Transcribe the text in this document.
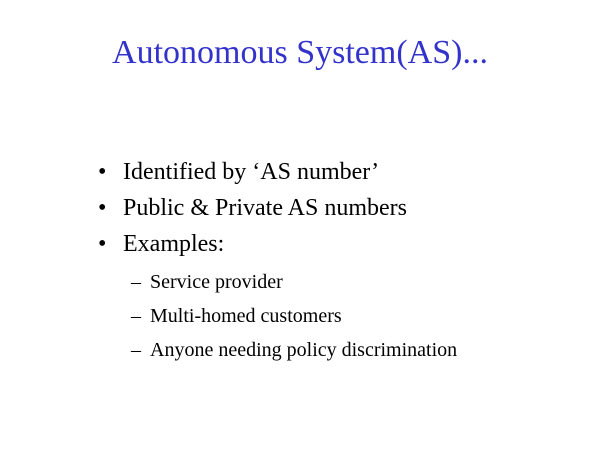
Autonomous System(AS)...
• Identified by ‘AS number’
• Public & Private AS numbers
• Examples:
– Service provider
– Multi-homed customers
– Anyone needing policy discrimination
